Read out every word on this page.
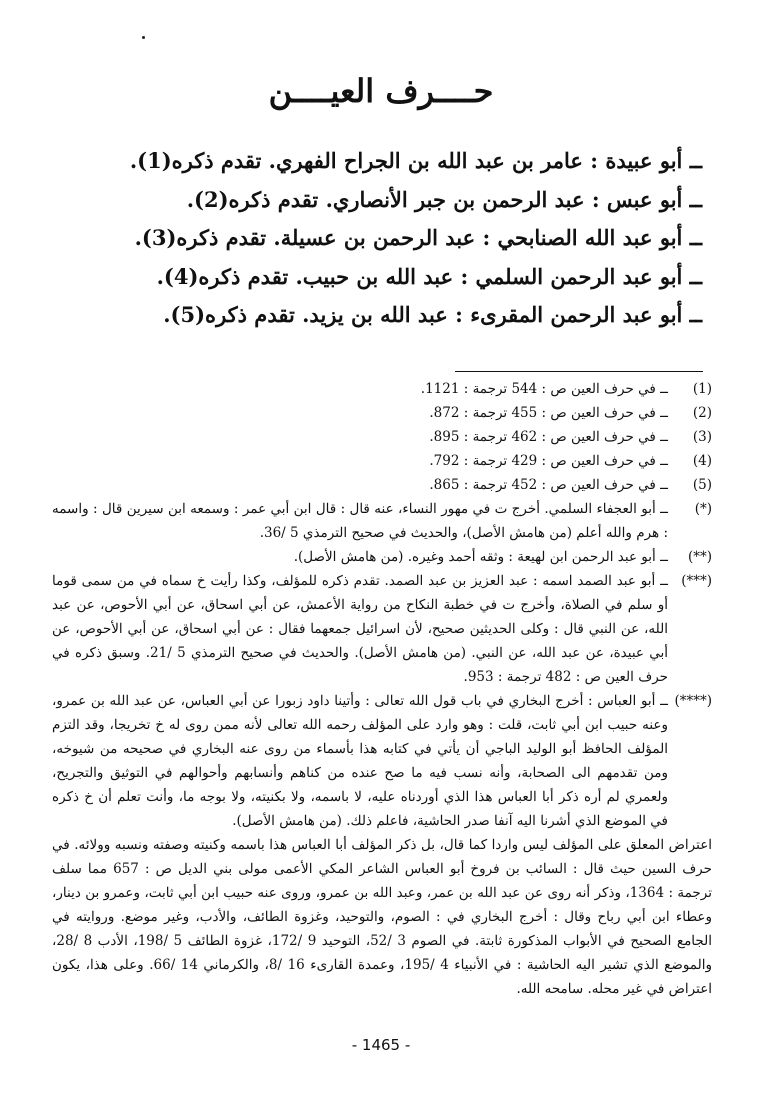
حــــرف العيــــن
ــ أبو عبيدة : عامر بن عبد الله بن الجراح الفهري. تقدم ذكره(1).
ــ أبو عبس : عبد الرحمن بن جبر الأنصاري. تقدم ذكره(2).
ــ أبو عبد الله الصنابحي : عبد الرحمن بن عسيلة. تقدم ذكره(3).
ــ أبو عبد الرحمن السلمي : عبد الله بن حبيب. تقدم ذكره(4).
ــ أبو عبد الرحمن المقرىء : عبد الله بن يزيد. تقدم ذكره(5).
(1)
ــ في حرف العين ص : 544 ترجمة : 1121.
(2)
ــ في حرف العين ص : 455 ترجمة : 872.
(3)
ــ في حرف العين ص : 462 ترجمة : 895.
(4)
ــ في حرف العين ص : 429 ترجمة : 792.
(5)
ــ في حرف العين ص : 452 ترجمة : 865.
(*)
ــ أبو العجفاء السلمي. أخرج ت في مهور النساء، عنه قال : قال ابن أبي عمر : وسمعه ابن سيرين قال : واسمه : هرم والله أعلم (من هامش الأصل)، والحديث في صحيح الترمذي 5 /36.
(**)
ــ أبو عبد الرحمن ابن لهيعة : وثقه أحمد وغيره. (من هامش الأصل).
(***)
ــ أبو عبد الصمد اسمه : عبد العزيز بن عبد الصمد. تقدم ذكره للمؤلف، وكذا رأيت خ سماه في من سمى قوما أو سلم في الصلاة، وأخرج ت في خطبة النكاح من رواية الأعمش، عن أبي اسحاق، عن أبي الأحوص، عن عبد الله، عن النبي قال : وكلى الحديثين صحيح، لأن اسرائيل جمعهما فقال : عن أبي اسحاق، عن أبي الأحوص، عن أبي عبيدة، عن عبد الله، عن النبي. (من هامش الأصل). والحديث في صحيح الترمذي 5 /21. وسبق ذكره في حرف العين ص : 482 ترجمة : 953.
(****)
ــ أبو العباس : أخرج البخاري في باب قول الله تعالى : وأتينا داود زبورا عن أبي العباس، عن عبد الله بن عمرو، وعنه حبيب ابن أبي ثابت، قلت : وهو وارد على المؤلف رحمه الله تعالى لأنه ممن روى له خ تخريجا، وقد التزم المؤلف الحافظ أبو الوليد الباجي أن يأتي في كتابه هذا بأسماء من روى عنه البخاري في صحيحه من شيوخه، ومن تقدمهم الى الصحابة، وأنه نسب فيه ما صح عنده من كناهم وأنسابهم وأحوالهم في التوثيق والتجريح، ولعمري لم أره ذكر أبا العباس هذا الذي أوردناه عليه، لا باسمه، ولا بكنيته، ولا بوجه ما، وأنت تعلم أن خ ذكره في الموضع الذي أشرنا اليه آنفا صدر الحاشية، فاعلم ذلك. (من هامش الأصل).
اعتراض المعلق على المؤلف ليس واردا كما قال، بل ذكر المؤلف أبا العباس هذا باسمه وكنيته وصفته ونسبه وولائه. في حرف السين حيث قال : السائب بن فروخ أبو العباس الشاعر المكي الأعمى مولى بني الديل ص : 657 مما سلف ترجمة : 1364، وذكر أنه روى عن عبد الله بن عمر، وعبد الله بن عمرو، وروى عنه حبيب ابن أبي ثابت، وعمرو بن دينار، وعطاء ابن أبي رباح وقال : أخرج البخاري في : الصوم، والتوحيد، وغزوة الطائف، والأدب، وغير موضع. وروايته في الجامع الصحيح في الأبواب المذكورة ثابتة. في الصوم 3 /52، التوحيد 9 /172، غزوة الطائف 5 /198، الأدب 8 /28، والموضع الذي تشير اليه الحاشية : في الأنبياء 4 /195، وعمدة القارىء 16 /8، والكرماني 14 /66. وعلى هذا، يكون اعتراض في غير محله. سامحه الله.
- 1465 -
